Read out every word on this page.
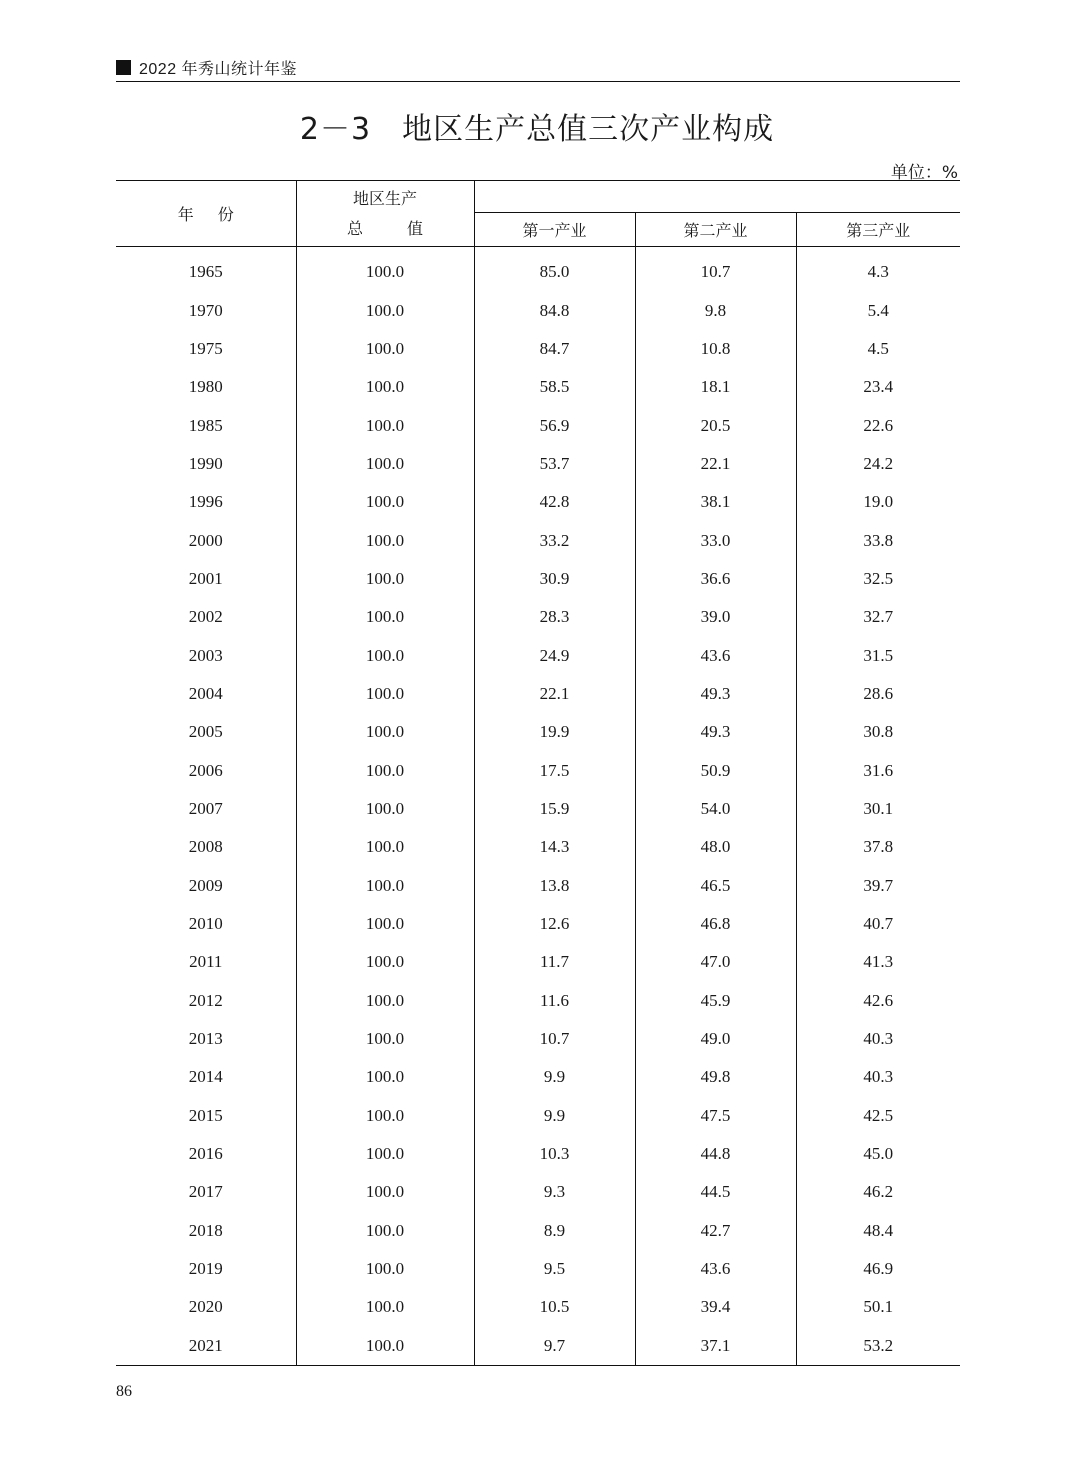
2022 年秀山统计年鉴
2－3　地区生产总值三次产业构成
单位：%
年份	地区生产
总值			

		第一产业	第二产业	第三产业
1965	100.0	85.0	10.7	4.3
1970	100.0	84.8	9.8	5.4
1975	100.0	84.7	10.8	4.5
1980	100.0	58.5	18.1	23.4
1985	100.0	56.9	20.5	22.6
1990	100.0	53.7	22.1	24.2
1996	100.0	42.8	38.1	19.0
2000	100.0	33.2	33.0	33.8
2001	100.0	30.9	36.6	32.5
2002	100.0	28.3	39.0	32.7
2003	100.0	24.9	43.6	31.5
2004	100.0	22.1	49.3	28.6
2005	100.0	19.9	49.3	30.8
2006	100.0	17.5	50.9	31.6
2007	100.0	15.9	54.0	30.1
2008	100.0	14.3	48.0	37.8
2009	100.0	13.8	46.5	39.7
2010	100.0	12.6	46.8	40.7
2011	100.0	11.7	47.0	41.3
2012	100.0	11.6	45.9	42.6
2013	100.0	10.7	49.0	40.3
2014	100.0	9.9	49.8	40.3
2015	100.0	9.9	47.5	42.5
2016	100.0	10.3	44.8	45.0
2017	100.0	9.3	44.5	46.2
2018	100.0	8.9	42.7	48.4
2019	100.0	9.5	43.6	46.9
2020	100.0	10.5	39.4	50.1
2021	100.0	9.7	37.1	53.2
86
